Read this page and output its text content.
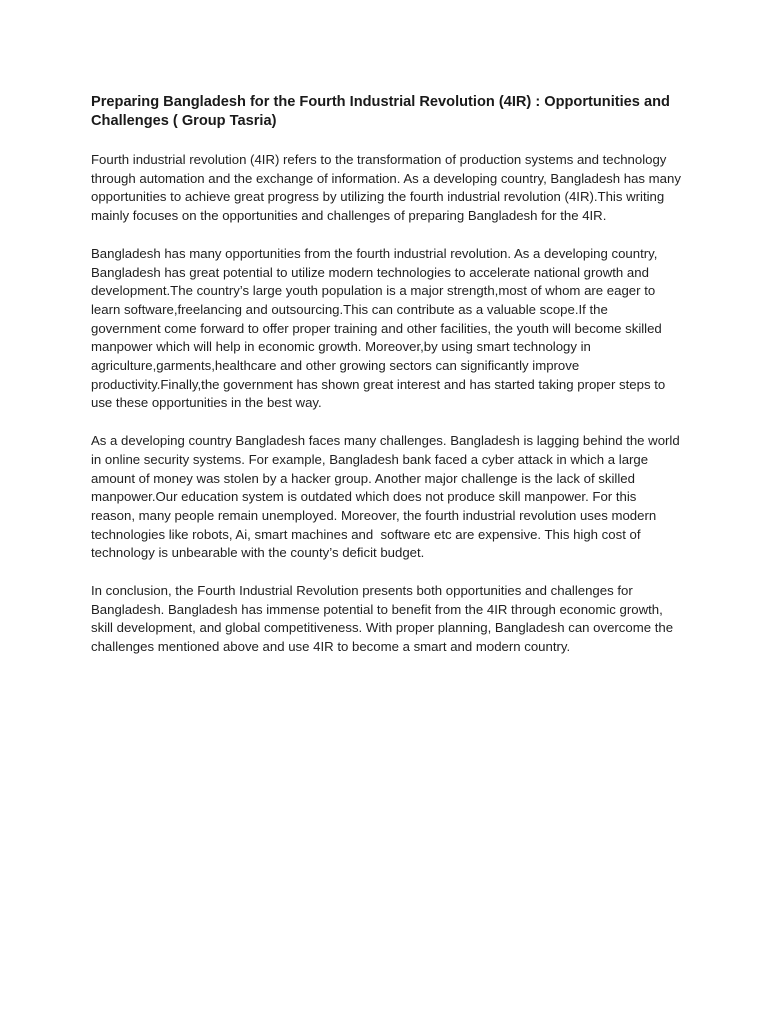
Preparing Bangladesh for the Fourth Industrial Revolution (4IR) : Opportunities and Challenges ( Group Tasria)

Fourth industrial revolution (4IR) refers to the transformation of production systems and technology through automation and the exchange of information. As a developing country, Bangladesh has many opportunities to achieve great progress by utilizing the fourth industrial revolution (4IR).This writing mainly focuses on the opportunities and challenges of preparing Bangladesh for the 4IR.

Bangladesh has many opportunities from the fourth industrial revolution. As a developing country, Bangladesh has great potential to utilize modern technologies to accelerate national growth and development.The country’s large youth population is a major strength,most of whom are eager to learn software,freelancing and outsourcing.This can contribute as a valuable scope.If the government come forward to offer proper training and other facilities, the youth will become skilled manpower which will help in economic growth. Moreover,by using smart technology in agriculture,garments,healthcare and other growing sectors can significantly improve productivity.Finally,the government has shown great interest and has started taking proper steps to use these opportunities in the best way.

As a developing country Bangladesh faces many challenges. Bangladesh is lagging behind the world in online security systems. For example, Bangladesh bank faced a cyber attack in which a large amount of money was stolen by a hacker group. Another major challenge is the lack of skilled manpower.Our education system is outdated which does not produce skill manpower. For this reason, many people remain unemployed. Moreover, the fourth industrial revolution uses modern technologies like robots, Ai, smart machines and  software etc are expensive. This high cost of technology is unbearable with the county’s deficit budget.

In conclusion, the Fourth Industrial Revolution presents both opportunities and challenges for Bangladesh. Bangladesh has immense potential to benefit from the 4IR through economic growth, skill development, and global competitiveness. With proper planning, Bangladesh can overcome the challenges mentioned above and use 4IR to become a smart and modern country.
